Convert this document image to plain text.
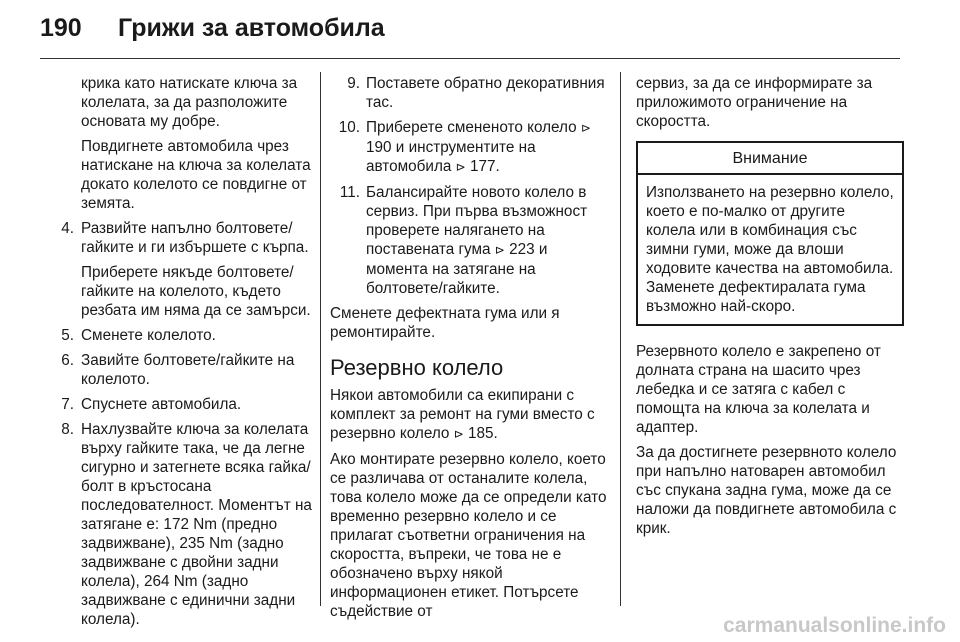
190 Грижи за автомобила

крика като натискате ключа за колелата, за да разположите основата му добре.

Повдигнете автомобила чрез натискане на ключа за колелата докато колелото се повдигне от земята.

4. Развийте напълно болтовете/гайките и ги избършете с кърпа.
Приберете някъде болтовете/гайките на колелото, където резбата им няма да се замърси.
5. Сменете колелото.
6. Завийте болтовете/гайките на колелото.
7. Спуснете автомобила.
8. Нахлузвайте ключа за колелата върху гайките така, че да легне сигурно и затегнете всяка гайка/болт в кръстосана последователност. Моментът на затягане е: 172 Nm (предно задвижване), 235 Nm (задно задвижване с двойни задни колела), 264 Nm (задно задвижване с единични задни колела).
9. Поставете обратно декоративния тас.
10. Приберете смененото колело ⊳ 190 и инструментите на автомобила ⊳ 177.
11. Балансирайте новото колело в сервиз. При първа възможност проверете налягането на поставената гума ⊳ 223 и момента на затягане на болтовете/гайките.

Сменете дефектната гума или я ремонтирайте.

Резервно колело

Някои автомобили са екипирани с комплект за ремонт на гуми вместо с резервно колело ⊳ 185.

Ако монтирате резервно колело, което се различава от останалите колела, това колело може да се определи като временно резервно колело и се прилагат съответни ограничения на скоростта, въпреки, че това не е обозначено върху някой информационен етикет. Потърсете съдействие от

сервиз, за да се информирате за приложимото ограничение на скоростта.

Внимание
Използването на резервно колело, което е по-малко от другите колела или в комбинация със зимни гуми, може да влоши ходовите качества на автомобила. Заменете дефектиралата гума възможно най-скоро.

Резервното колело е закрепено от долната страна на шасито чрез лебедка и се затяга с кабел с помощта на ключа за колелата и адаптер.

За да достигнете резервното колело при напълно натоварен автомобил със спукана задна гума, може да се наложи да повдигнете автомобила с крик.

carmanualsonline.info
